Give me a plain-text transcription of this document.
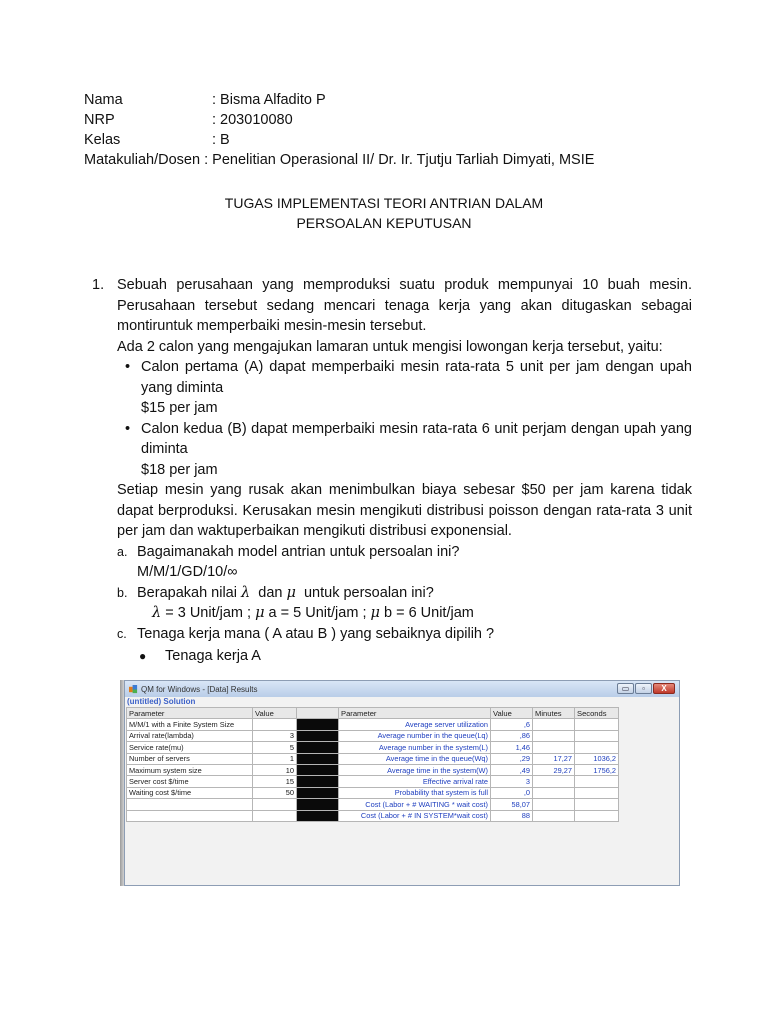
Nama	: Bisma Alfadito P
NRP	: 203010080
Kelas	: B
Matakuliah/Dosen : Penelitian Operasional II/ Dr. Ir. Tjutju Tarliah Dimyati, MSIE
TUGAS IMPLEMENTASI TEORI ANTRIAN DALAM
PERSOALAN KEPUTUSAN
1. Sebuah perusahaan yang memproduksi suatu produk mempunyai 10 buah mesin. Perusahaan tersebut sedang mencari tenaga kerja yang akan ditugaskan sebagai montiruntuk memperbaiki mesin-mesin tersebut.
Ada 2 calon yang mengajukan lamaran untuk mengisi lowongan kerja tersebut, yaitu:
• Calon pertama (A) dapat memperbaiki mesin rata-rata 5 unit per jam dengan upah yang diminta
$15 per jam
• Calon kedua (B) dapat memperbaiki mesin rata-rata 6 unit perjam dengan upah yang diminta
$18 per jam
Setiap mesin yang rusak akan menimbulkan biaya sebesar $50 per jam karena tidak dapat berproduksi. Kerusakan mesin mengikuti distribusi poisson dengan rata-rata 3 unit per jam dan waktuperbaikan mengikuti distribusi exponensial.
a. Bagaimanakah model antrian untuk persoalan ini?
M/M/1/GD/10/∞
b. Berapakah nilai λ  dan μ  untuk persoalan ini?
λ = 3 Unit/jam ; μ a = 5 Unit/jam ; μ b = 6 Unit/jam
c. Tenaga kerja mana ( A atau B ) yang sebaiknya dipilih ?
●	Tenaga kerja A
QM for Windows - [Data] Results	▭	▫	X
(untitled) Solution
Parameter	Value		Parameter	Value	Minutes	Seconds
M/M/1 with a Finite System Size			Average server utilization	,6		
Arrival rate(lambda)	3		Average number in the queue(Lq)	,86		
Service rate(mu)	5		Average number in the system(L)	1,46		
Number of servers	1		Average time in the queue(Wq)	,29	17,27	1036,2
Maximum system size	10		Average time in the system(W)	,49	29,27	1756,2
Server cost $/time	15		Effective arrival rate	3		
Waiting cost $/time	50		Probability that system is full	,0		
			Cost (Labor + # WAITING * wait cost)	58,07		
			Cost (Labor + # IN SYSTEM*wait cost)	88		
